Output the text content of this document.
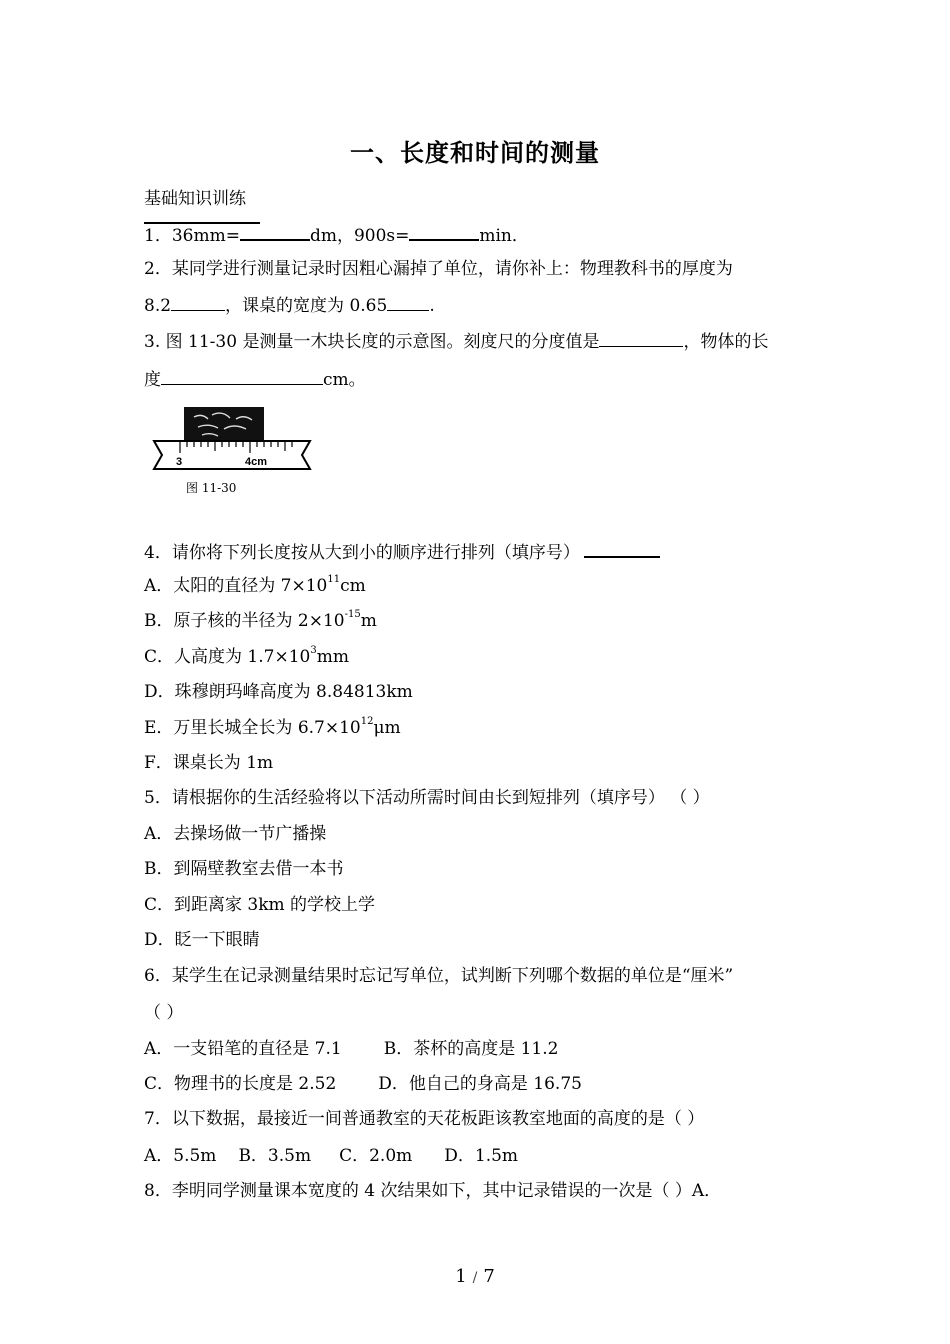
一、长度和时间的测量
基础知识训练
1．36mm=	dm，900s=	min．
2．某同学进行测量记录时因粗心漏掉了单位，请你补上：物理教科书的厚度为
8.2	，课桌的宽度为 0.65 .
3. 图 11-30 是测量一木块长度的示意图。刻度尺的分度值是	，物体的长
度	cm。
3	4cm
图 11-30
4．请你将下列长度按从大到小的顺序进行排列（填序号）
A．太阳的直径为 $7\times 10^{11}cm$
B．原子核的半径为 $2\times 10^{-15}m$
C．人高度为 $1.7\times 10^3mm$
D．珠穆朗玛峰高度为 8.84813km
E．万里长城全长为 $6.7\times 10^{12}\mu m$
F．课桌长为 1m
5．请根据你的生活经验将以下活动所需时间由长到短排列（填序号） （ ）
A．去操场做一节广播操
B．到隔壁教室去借一本书
C．到距离家 3km 的学校上学
D．眨一下眼睛
6．某学生在记录测量结果时忘记写单位，试判断下列哪个数据的单位是“厘米”
（ ）
A．一支铅笔的直径是 7.1 B．茶杯的高度是 11.2
C．物理书的长度是 2.52 D．他自己的身高是 16.75
7．以下数据，最接近一间普通教室的天花板距该教室地面的高度的是（ ）
A．5.5m B．3.5m C．2.0m D．1.5m
8．李明同学测量课本宽度的 4 次结果如下，其中记录错误的一次是（ ）A．
1 / 7
